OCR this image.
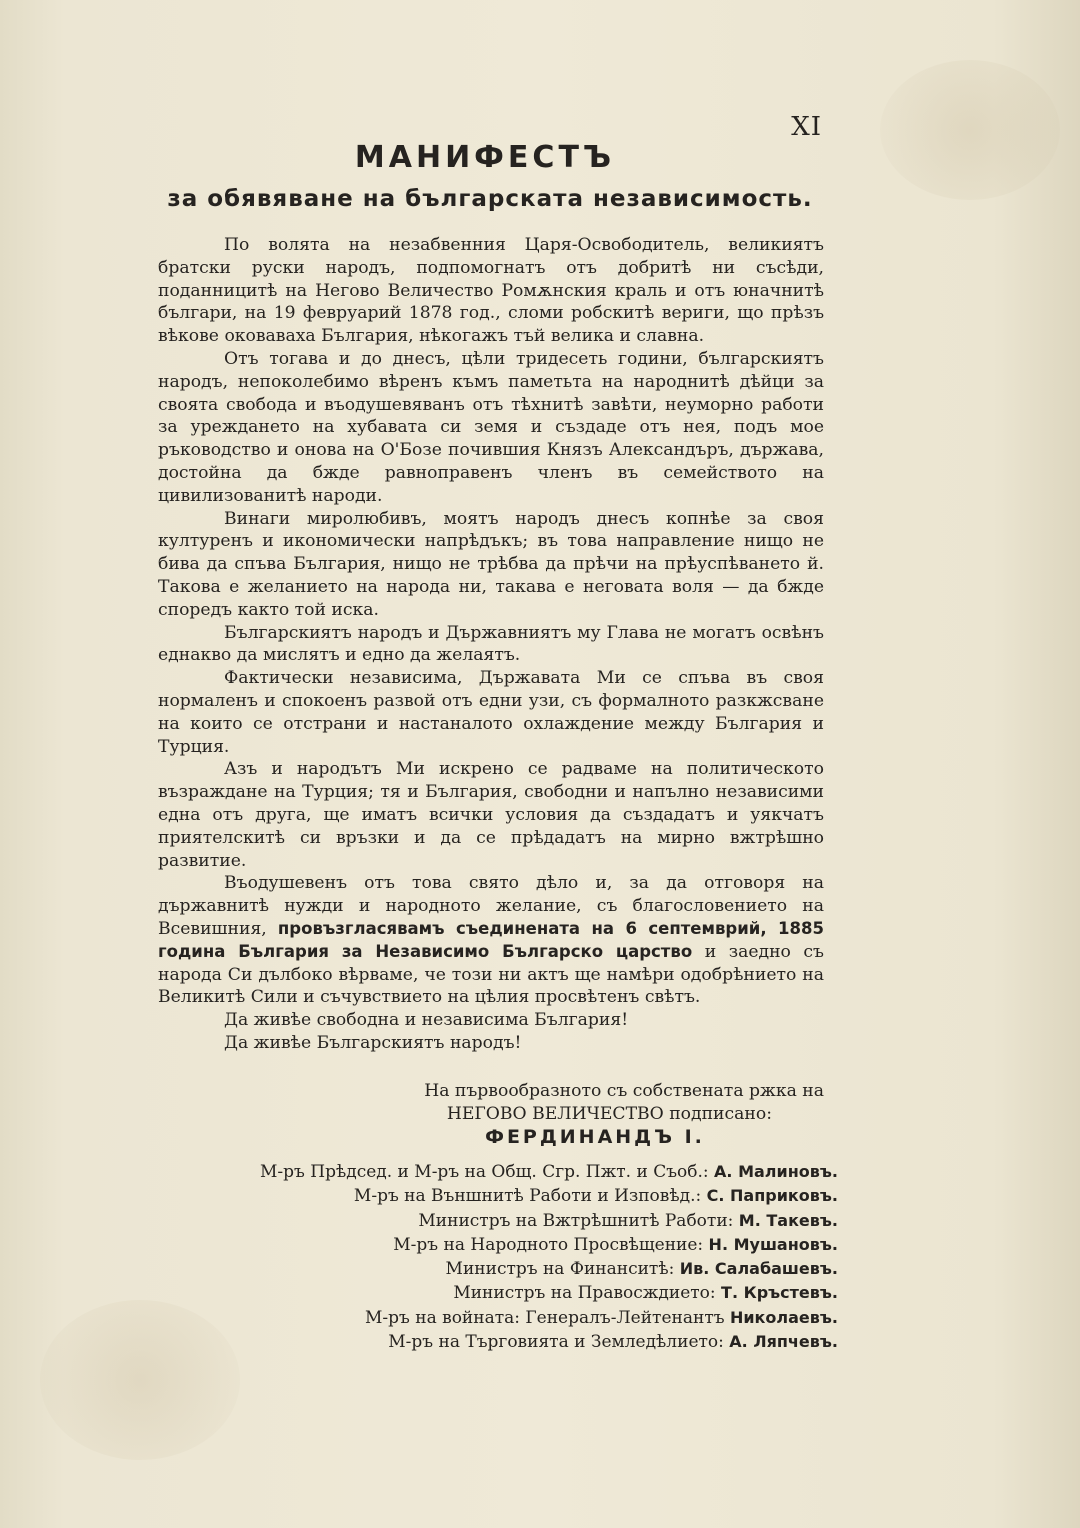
XI
МАНИФЕСТЪ
за обявяване на българската независимость.

По волята на незабвенния Царя-Освободитель, великиятъ братски руски народъ, подпомогнатъ отъ добритѣ ни съсѣди, поданницитѣ на Негово Величество Ромѫнския краль и отъ юначнитѣ българи, на 19 февруарий 1878 год., сломи робскитѣ вериги, що прѣзъ вѣкове оковаваха България, нѣкогажъ тъй велика и славна.

Отъ тогава и до днесъ, цѣли тридесеть години, българскиятъ народъ, непоколебимо вѣренъ къмъ паметьта на народнитѣ дѣйци за своята свобода и въодушевяванъ отъ тѣхнитѣ завѣти, неуморно работи за уреждането на хубавата си земя и създаде отъ нея, подъ мое ръководство и онова на О'Бозе почившия Князъ Александъръ, държава, достойна да бжде равноправенъ членъ въ семейството на цивилизованитѣ народи.

Винаги миролюбивъ, моятъ народъ днесъ копнѣе за своя културенъ и икономически напрѣдъкъ; въ това направление нищо не бива да спъва България, нищо не трѣбва да прѣчи на прѣуспѣването й. Такова е желанието на народа ни, такава е неговата воля — да бжде споредъ както той иска.

Българскиятъ народъ и Държавниятъ му Глава не могатъ освѣнъ еднакво да мислятъ и едно да желаятъ.

Фактически независима, Държавата Ми се спъва въ своя нормаленъ и спокоенъ развой отъ едни узи, съ формалното разкжсване на които се отстрани и настаналото охлаждение между България и Турция.

Азъ и народътъ Ми искрено се радваме на политическото възраждане на Турция; тя и България, свободни и напълно независими една отъ друга, ще иматъ всички условия да създадатъ и уякчатъ приятелскитѣ си връзки и да се прѣдадатъ на мирно вжтрѣшно развитие.

Въодушевенъ отъ това свято дѣло и, за да отговоря на държавнитѣ нужди и народното желание, съ благословението на Всевишния, провъзгласявамъ съединената на 6 септемврий, 1885 година България за Независимо Българско царство и заедно съ народа Си дълбоко вѣрваме, че този ни актъ ще намѣри одобрѣнието на Великитѣ Сили и съчувствието на цѣлия просвѣтенъ свѣтъ.

Да живѣе свободна и независима България!

Да живѣе Българскиятъ народъ!

На първообразното съ собствената ржка на
НЕГОВО ВЕЛИЧЕСТВО подписано:
ФЕРДИНАНДЪ I.
М-ръ Прѣдсед. и М-ръ на Общ. Сгр. Пжт. и Съоб.: А. Малиновъ.
М-ръ на Външнитѣ Работи и Изповѣд.: С. Паприковъ.
Министръ на Вжтрѣшнитѣ Работи: М. Такевъ.
М-ръ на Народното Просвѣщение: Н. Мушановъ.
Министръ на Финанситѣ: Ив. Салабашевъ.
Министръ на Правосждието: Т. Кръстевъ.
М-ръ на войната: Генералъ-Лейтенантъ Николаевъ.
М-ръ на Търговията и Земледѣлието: А. Ляпчевъ.
